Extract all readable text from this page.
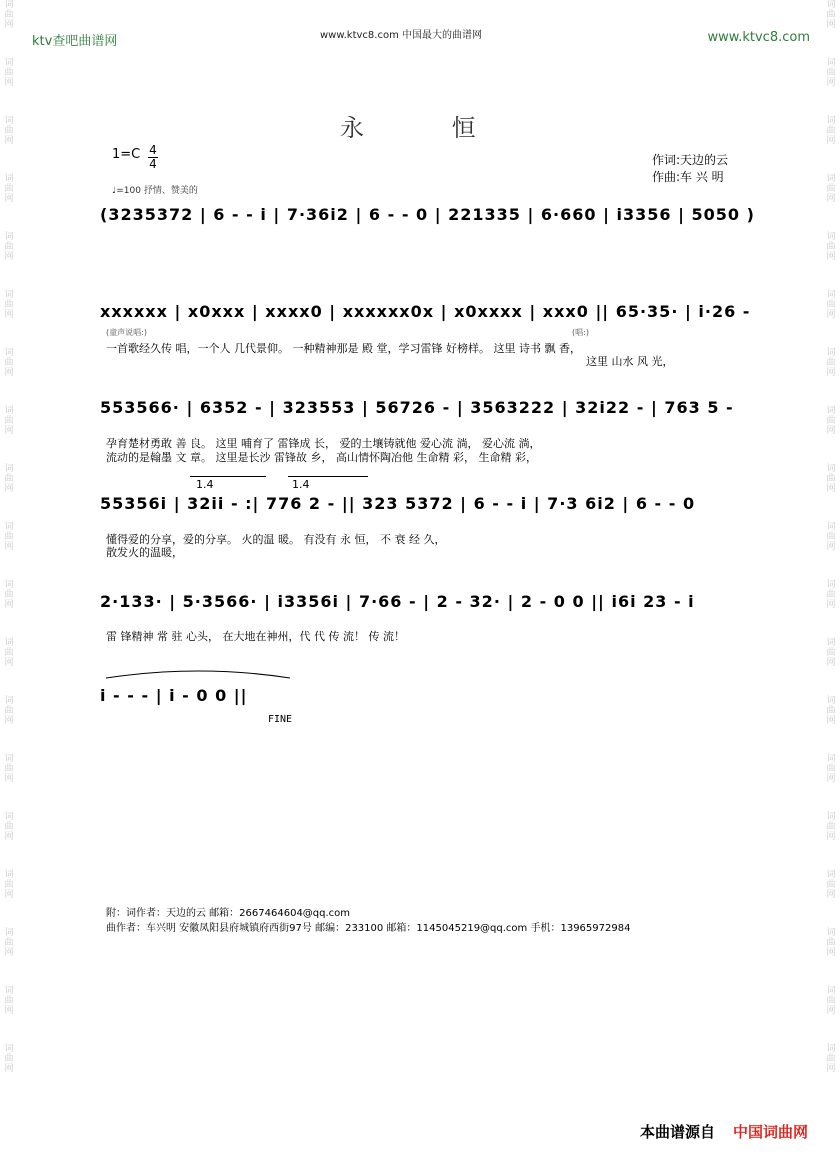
词
曲
网
词
曲
网
词
曲
网
词
曲
网
词
曲
网
词
曲
网
词
曲
网
词
曲
网
词
曲
网
词
曲
网
词
曲
网
词
曲
网
词
曲
网
词
曲
网
词
曲
网
词
曲
网
词
曲
网
词
曲
网
词
曲
网
词
曲
网
词
曲
网
词
曲
网
词
曲
网
词
曲
网
词
曲
网
词
曲
网
词
曲
网
词
曲
网
词
曲
网
词
曲
网
词
曲
网
词
曲
网
词
曲
网
词
曲
网
词
曲
网
词
曲
网
词
曲
网
词
曲
网
ktv查吧曲谱网	www.ktvc8.com 中国最大的曲谱网	www.ktvc8.com
永 恒
1=C 4

4
♩=100 抒情、赞美的
作词:天边的云
作曲:车 兴 明
(3235372 | 6 - - i | 7·36i2 | 6 - - 0 | 221335 | 6·660 | i3356 | 5050 )
xxxxxx | x0xxx | xxxx0 | xxxxxx0x | x0xxxx | xxx0 || 65·35· | i·26 -
(童声说唱:)	(唱:)
一首歌经久传 唱，一个人 几代景仰。 一种精神那是 殿 堂，学习雷锋 好榜样。 这里 诗书 飘 香，
这里 山水 风 光，
553566· | 6352 - | 323553 | 56726 - | 3563222 | 32i22 - | 763 5 -
孕育楚材勇敢 善 良。 这里 哺育了 雷锋成 长， 爱的土壤铸就他 爱心流 淌， 爱心流 淌，
流动的是翰墨 文 章。 这里是长沙 雷锋故 乡， 高山情怀陶冶他 生命精 彩， 生命精 彩，
1.4	1.4
55356i | 32ii - :| 776 2 - || 323 5372 | 6 - - i | 7·3 6i2 | 6 - - 0
懂得爱的分享，爱的分享。 火的温 暖。 有没有 永 恒， 不 衰 经 久，
散发火的温暖，
2·133· | 5·3566· | i3356i | 7·66 - | 2 - 32· | 2 - 0 0 || i6i 23 - i
雷 锋精神 常 驻 心头， 在大地在神州，代 代 传 流！ 传 流！
i - - - | i - 0 0 ||
FINE
附：词作者：天边的云 邮箱：2667464604@qq.com
曲作者：车兴明 安徽凤阳县府城镇府西街97号 邮编：233100 邮箱：1145045219@qq.com 手机：13965972984
本曲谱源自 中国词曲网
